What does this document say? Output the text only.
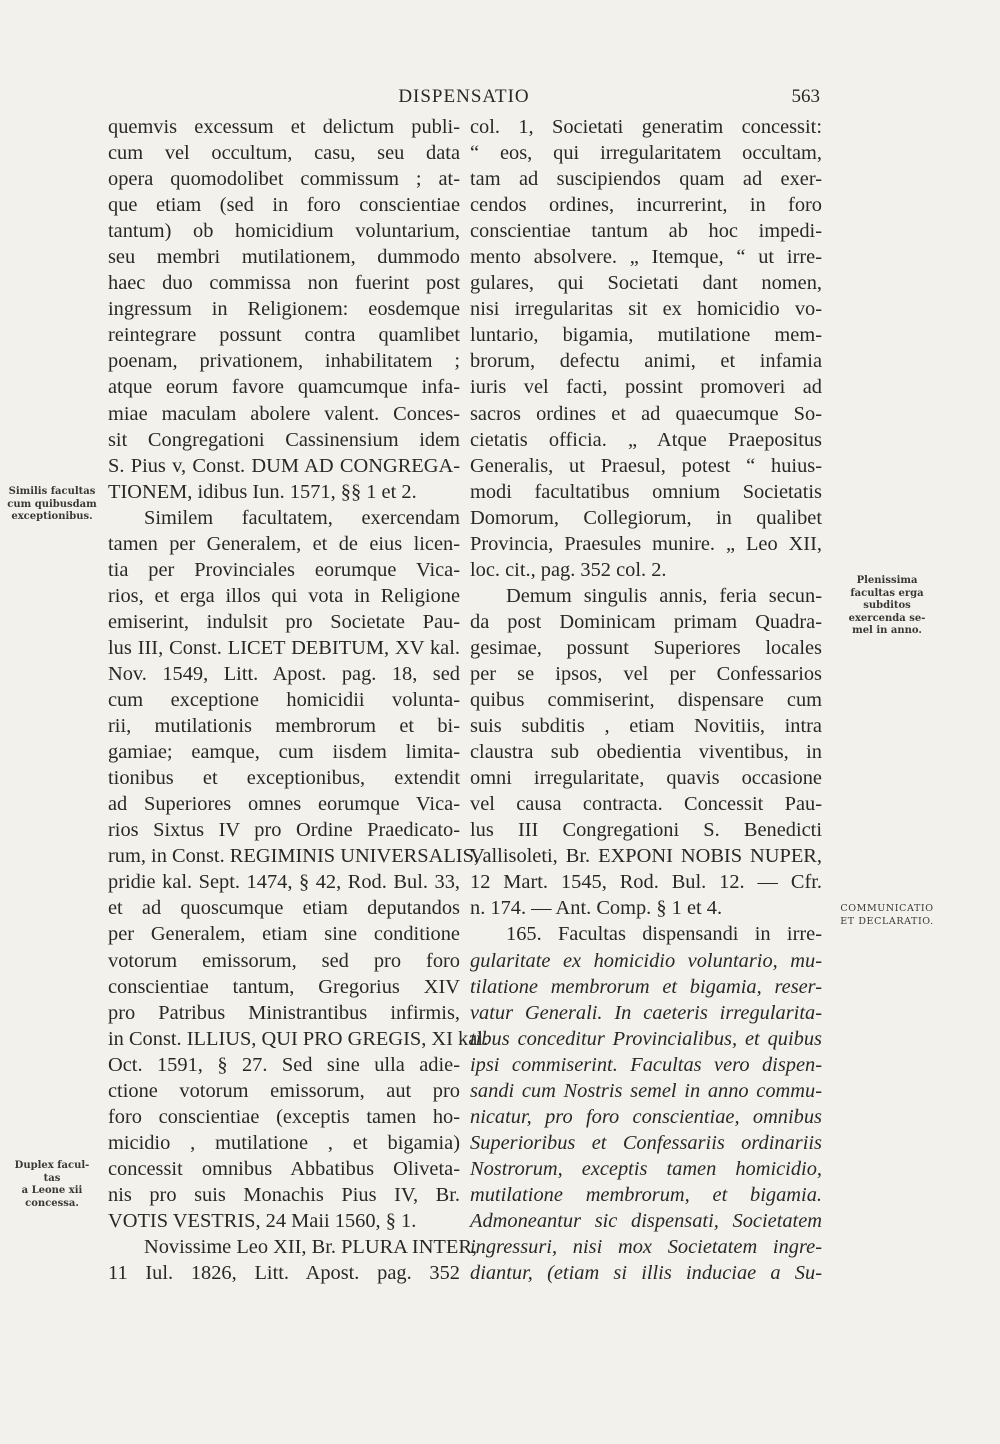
DISPENSATIO	563
Similis facultas
cum quibusdam
exceptionibus.
Duplex facul-
tas
a Leone xii
concessa.
Plenissima
facultas erga
subditos
exercenda se-
mel in anno.
COMMUNICATIO
ET DECLARATIO.
quemvis excessum et delictum publi-
cum vel occultum, casu, seu data
opera quomodolibet commissum ; at-
que etiam (sed in foro conscientiae
tantum) ob homicidium voluntarium,
seu membri mutilationem, dummodo
haec duo commissa non fuerint post
ingressum in Religionem: eosdemque
reintegrare possunt contra quamlibet
poenam, privationem, inhabilitatem ;
atque eorum favore quamcumque infa-
miae maculam abolere valent. Conces-
sit Congregationi Cassinensium idem
S. Pius v, Const. DUM AD CONGREGA-
TIONEM, idibus Iun. 1571, §§ 1 et 2.
Similem facultatem, exercendam
tamen per Generalem, et de eius licen-
tia per Provinciales eorumque Vica-
rios, et erga illos qui vota in Religione
emiserint, indulsit pro Societate Pau-
lus III, Const. LICET DEBITUM, XV kal.
Nov. 1549, Litt. Apost. pag. 18, sed
cum exceptione homicidii volunta-
rii, mutilationis membrorum et bi-
gamiae; eamque, cum iisdem limita-
tionibus et exceptionibus, extendit
ad Superiores omnes eorumque Vica-
rios Sixtus IV pro Ordine Praedicato-
rum, in Const. REGIMINIS UNIVERSALIS,
pridie kal. Sept. 1474, § 42, Rod. Bul. 33,
et ad quoscumque etiam deputandos
per Generalem, etiam sine conditione
votorum emissorum, sed pro foro
conscientiae tantum, Gregorius XIV
pro Patribus Ministrantibus infirmis,
in Const. ILLIUS, QUI PRO GREGIS, XI kal.
Oct. 1591, § 27. Sed sine ulla adie-
ctione votorum emissorum, aut pro
foro conscientiae (exceptis tamen ho-
micidio , mutilatione , et bigamia)
concessit omnibus Abbatibus Oliveta-
nis pro suis Monachis Pius IV, Br.
VOTIS VESTRIS, 24 Maii 1560, § 1.
Novissime Leo XII, Br. PLURA INTER,
11 Iul. 1826, Litt. Apost. pag. 352
col. 1, Societati generatim concessit:
“ eos, qui irregularitatem occultam,
tam ad suscipiendos quam ad exer-
cendos ordines, incurrerint, in foro
conscientiae tantum ab hoc impedi-
mento absolvere. „ Itemque, “ ut irre-
gulares, qui Societati dant nomen,
nisi irregularitas sit ex homicidio vo-
luntario, bigamia, mutilatione mem-
brorum, defectu animi, et infamia
iuris vel facti, possint promoveri ad
sacros ordines et ad quaecumque So-
cietatis officia. „ Atque Praepositus
Generalis, ut Praesul, potest “ huius-
modi facultatibus omnium Societatis
Domorum, Collegiorum, in qualibet
Provincia, Praesules munire. „ Leo XII,
loc. cit., pag. 352 col. 2.
Demum singulis annis, feria secun-
da post Dominicam primam Quadra-
gesimae, possunt Superiores locales
per se ipsos, vel per Confessarios
quibus commiserint, dispensare cum
suis subditis , etiam Novitiis, intra
claustra sub obedientia viventibus, in
omni irregularitate, quavis occasione
vel causa contracta. Concessit Pau-
lus III Congregationi S. Benedicti
Vallisoleti, Br. EXPONI NOBIS NUPER,
12 Mart. 1545, Rod. Bul. 12. — Cfr.
n. 174. — Ant. Comp. § 1 et 4.
165. Facultas dispensandi in irre-
gularitate ex homicidio voluntario, mu-
tilatione membrorum et bigamia, reser-
vatur Generali. In caeteris irregularita-
tibus conceditur Provincialibus, et quibus
ipsi commiserint. Facultas vero dispen-
sandi cum Nostris semel in anno commu-
nicatur, pro foro conscientiae, omnibus
Superioribus et Confessariis ordinariis
Nostrorum, exceptis tamen homicidio,
mutilatione membrorum, et bigamia.
Admoneantur sic dispensati, Societatem
ingressuri, nisi mox Societatem ingre-
diantur, (etiam si illis induciae a Su-
